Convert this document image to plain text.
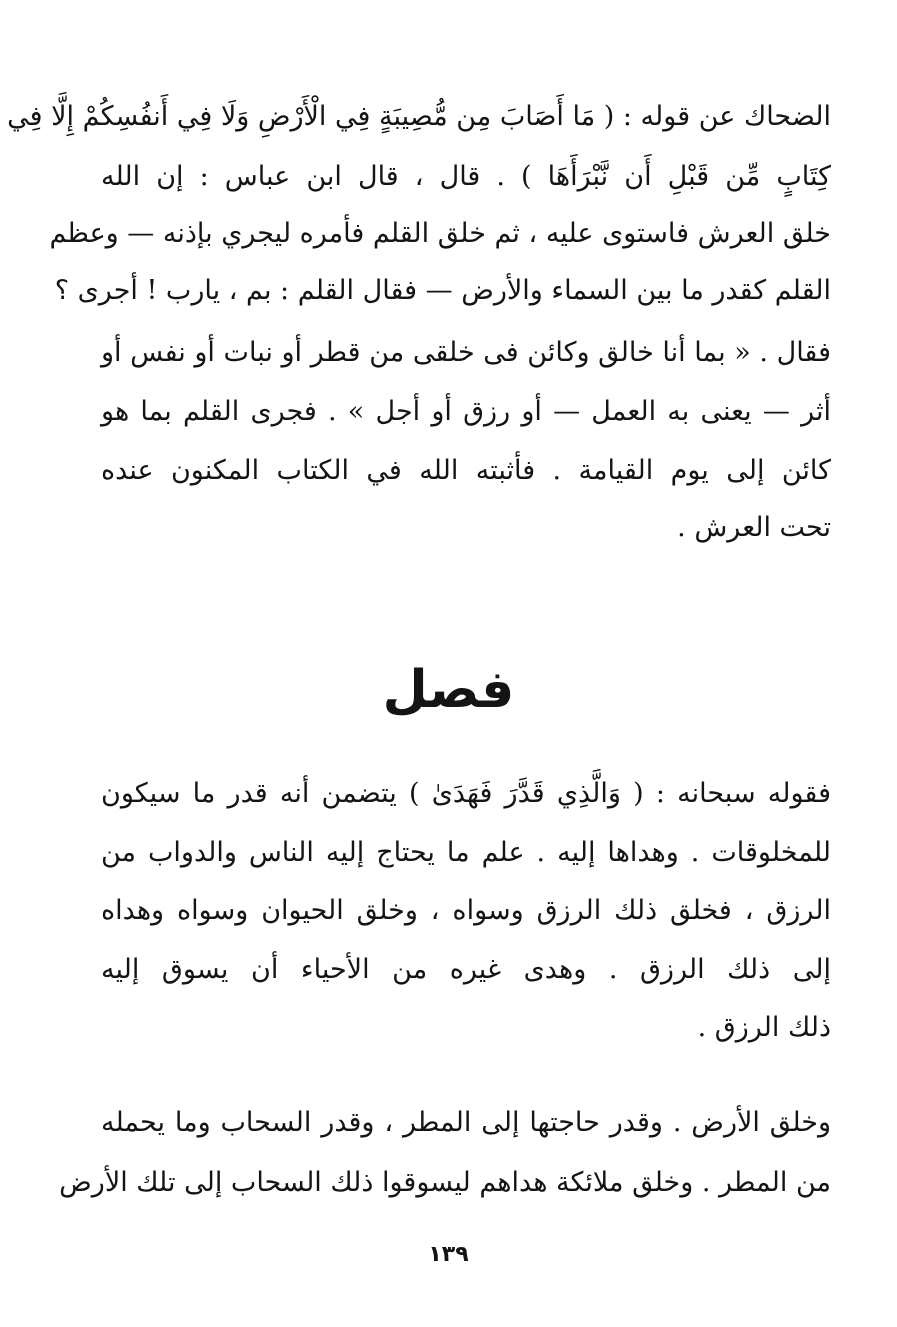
الضحاك عن قوله : ( مَا أَصَابَ مِن مُّصِيبَةٍ فِي الْأَرْضِ وَلَا فِي أَنفُسِكُمْ إِلَّا فِي
كِتَابٍ مِّن قَبْلِ أَن نَّبْرَأَهَا ) . قال ، قال ابن عباس : إن الله
خلق العرش فاستوى عليه ، ثم خلق القلم فأمره ليجري بإذنه — وعظم
القلم كقدر ما بين السماء والأرض — فقال القلم : بم ، يارب ! أجرى ؟
فقال . « بما أنا خالق وكائن فى خلقى من قطر أو نبات أو نفس أو
أثر — يعنى به العمل — أو رزق أو أجل » . فجرى القلم بما هو
كائن إلى يوم القيامة . فأثبته الله في الكتاب المكنون عنده
تحت العرش .
فصل
فقوله سبحانه : ( وَالَّذِي قَدَّرَ فَهَدَىٰ ) يتضمن أنه قدر ما سيكون
للمخلوقات . وهداها إليه . علم ما يحتاج إليه الناس والدواب من
الرزق ، فخلق ذلك الرزق وسواه ، وخلق الحيوان وسواه وهداه
إلى ذلك الرزق . وهدى غيره من الأحياء أن يسوق إليه
ذلك الرزق .
وخلق الأرض . وقدر حاجتها إلى المطر ، وقدر السحاب وما يحمله
من المطر . وخلق ملائكة هداهم ليسوقوا ذلك السحاب إلى تلك الأرض
١٣٩
